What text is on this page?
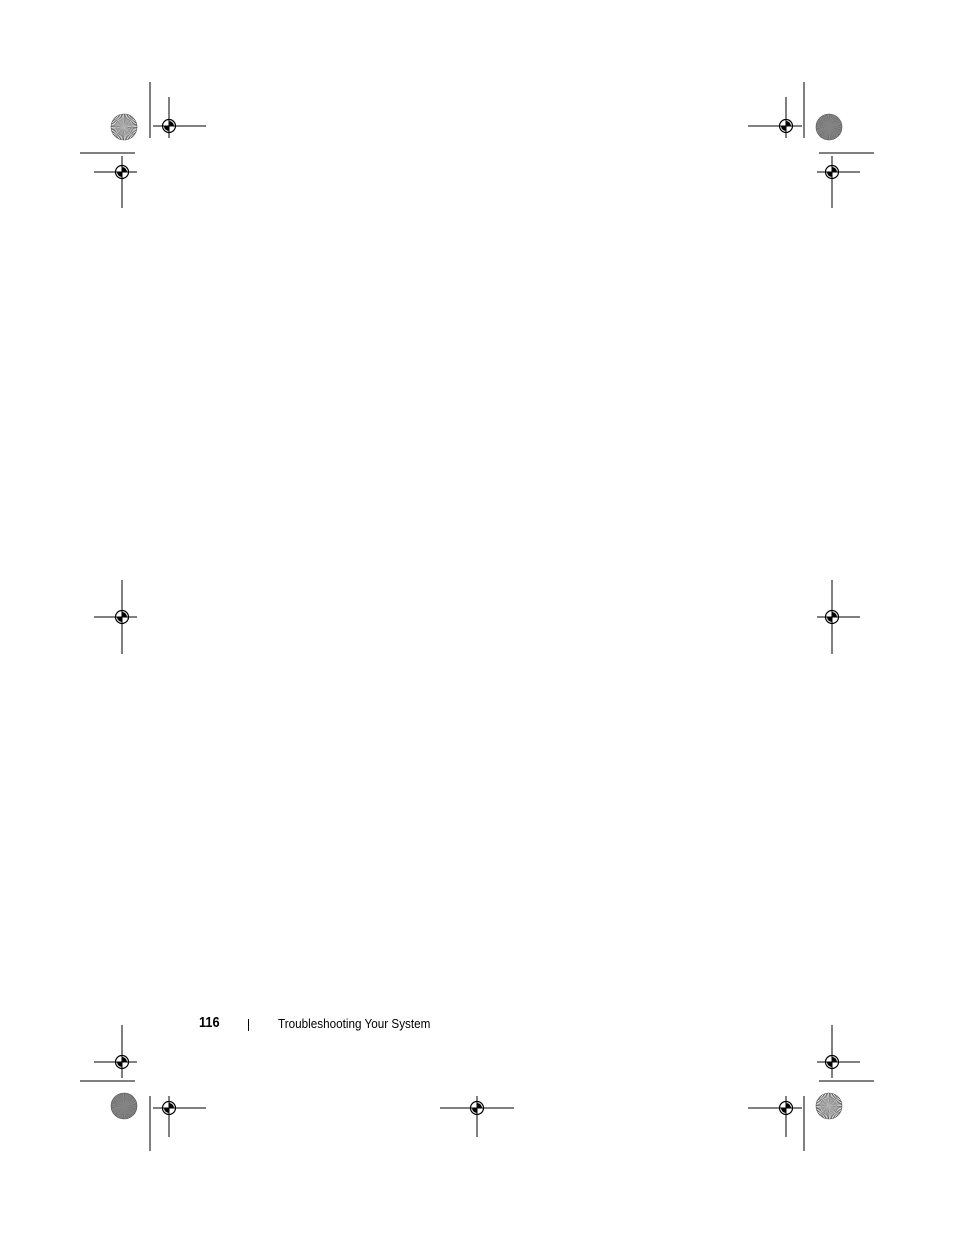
116	Troubleshooting Your System
